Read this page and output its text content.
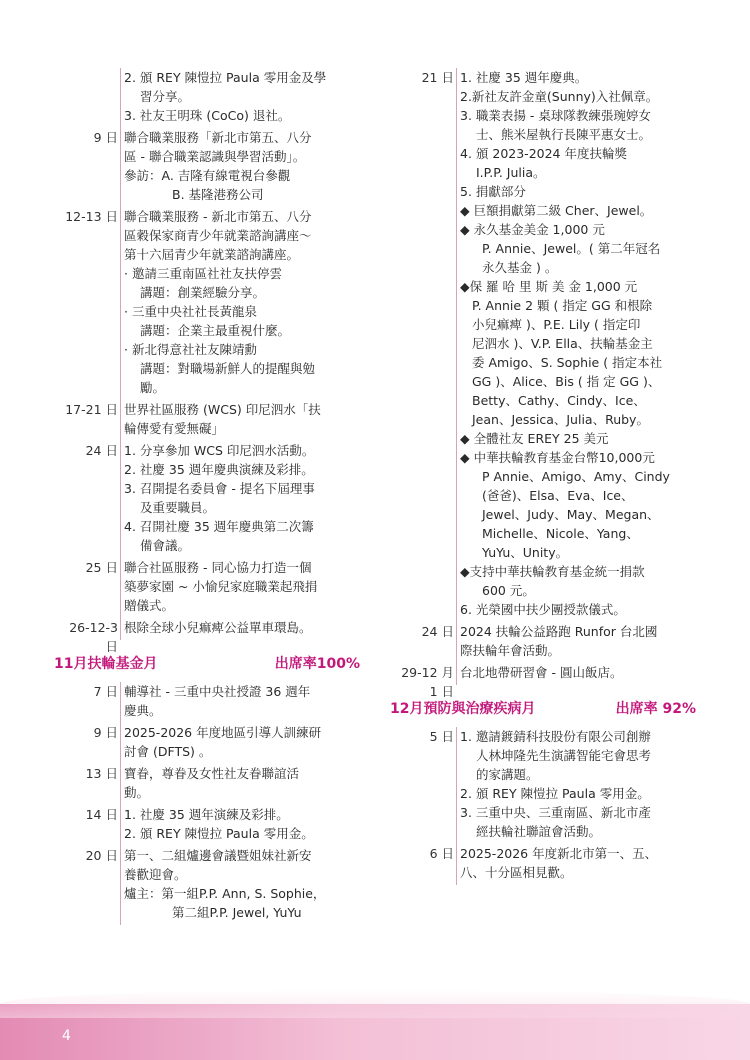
2. 頒 REY 陳愷拉 Paula 零用金及學
習分享。
3. 社友王明珠 (CoCo) 退社。
9 日 聯合職業服務「新北市第五、八分
區 - 聯合職業認識與學習活動」。
參訪：A. 吉隆有線電視台參觀
B. 基隆港務公司
12-13 日 聯合職業服務 - 新北市第五、八分
區穀保家商青少年就業諮詢講座～
第十六屆青少年就業諮詢講座。
· 邀請三重南區社社友扶停雲
講題：創業經驗分享。
· 三重中央社社長黃龍泉
講題：企業主最重視什麼。
· 新北得意社社友陳靖勳
講題：對職場新鮮人的提醒與勉
勵。
17-21 日 世界社區服務 (WCS) 印尼泗水「扶
輪傳愛有愛無礙」
24 日 1. 分享參加 WCS 印尼泗水活動。
2. 社慶 35 週年慶典演練及彩排。
3. 召開提名委員會 - 提名下屆理事
及重要職員。
4. 召開社慶 35 週年慶典第二次籌
備會議。
25 日 聯合社區服務 - 同心協力打造一個
築夢家園 ~ 小愉兒家庭職業起飛捐
贈儀式。
26-12-3
日
根除全球小兒痲痺公益單車環島。
11月扶輪基金月	出席率100%
7 日 輔導社 - 三重中央社授證 36 週年
慶典。
9 日 2025-2026 年度地區引導人訓練研
討會 (DFTS) 。
13 日 寶眷，尊眷及女性社友眷聯誼活
動。
14 日 1. 社慶 35 週年演練及彩排。
2. 頒 REY 陳愷拉 Paula 零用金。
20 日 第一、二組爐邊會議暨姐妹社新安
養歡迎會。
爐主：第一組P.P. Ann, S. Sophie，
第二組P.P. Jewel, YuYu
21 日 1. 社慶 35 週年慶典。
2.新社友許金童(Sunny)入社佩章。
3. 職業表揚 - 桌球隊教練張琬婷女
士、熊米屋執行長陳平惠女士。
4. 頒 2023-2024 年度扶輪獎
I.P.P. Julia。
5. 捐獻部分
◆ 巨額捐獻第二級 Cher、Jewel。
◆ 永久基金美金 1,000 元
P. Annie、Jewel。( 第二年冠名
永久基金 ) 。
◆保 羅 哈 里 斯 美 金 1,000 元
P. Annie 2 顆 ( 指定 GG 和根除
小兒痲痺 )、P.E. Lily ( 指定印
尼泗水 )、V.P. Ella、扶輪基金主
委 Amigo、S. Sophie ( 指定本社
GG )、Alice、Bis ( 指 定 GG )、
Betty、Cathy、Cindy、Ice、
Jean、Jessica、Julia、Ruby。
◆ 全體社友 EREY 25 美元
◆ 中華扶輪教育基金台幣10,000元
P Annie、Amigo、Amy、Cindy
(爸爸)、Elsa、Eva、Ice、
Jewel、Judy、May、Megan、
Michelle、Nicole、Yang、
YuYu、Unity。
◆支持中華扶輪教育基金統一捐款
600 元。
6. 光榮國中扶少團授款儀式。
24 日 2024 扶輪公益路跑 Runfor 台北國
際扶輪年會活動。
29-12 月
1 日
台北地帶研習會 - 圓山飯店。
12月預防與治療疾病月	出席率 92%
5 日 1. 邀請鍍錆科技股份有限公司創辦
人林坤隆先生演講智能宅會思考
的家講題。
2. 頒 REY 陳愷拉 Paula 零用金。
3. 三重中央、三重南區、新北市產
經扶輪社聯誼會活動。
6 日 2025-2026 年度新北市第一、五、
八、十分區相見歡。
4
